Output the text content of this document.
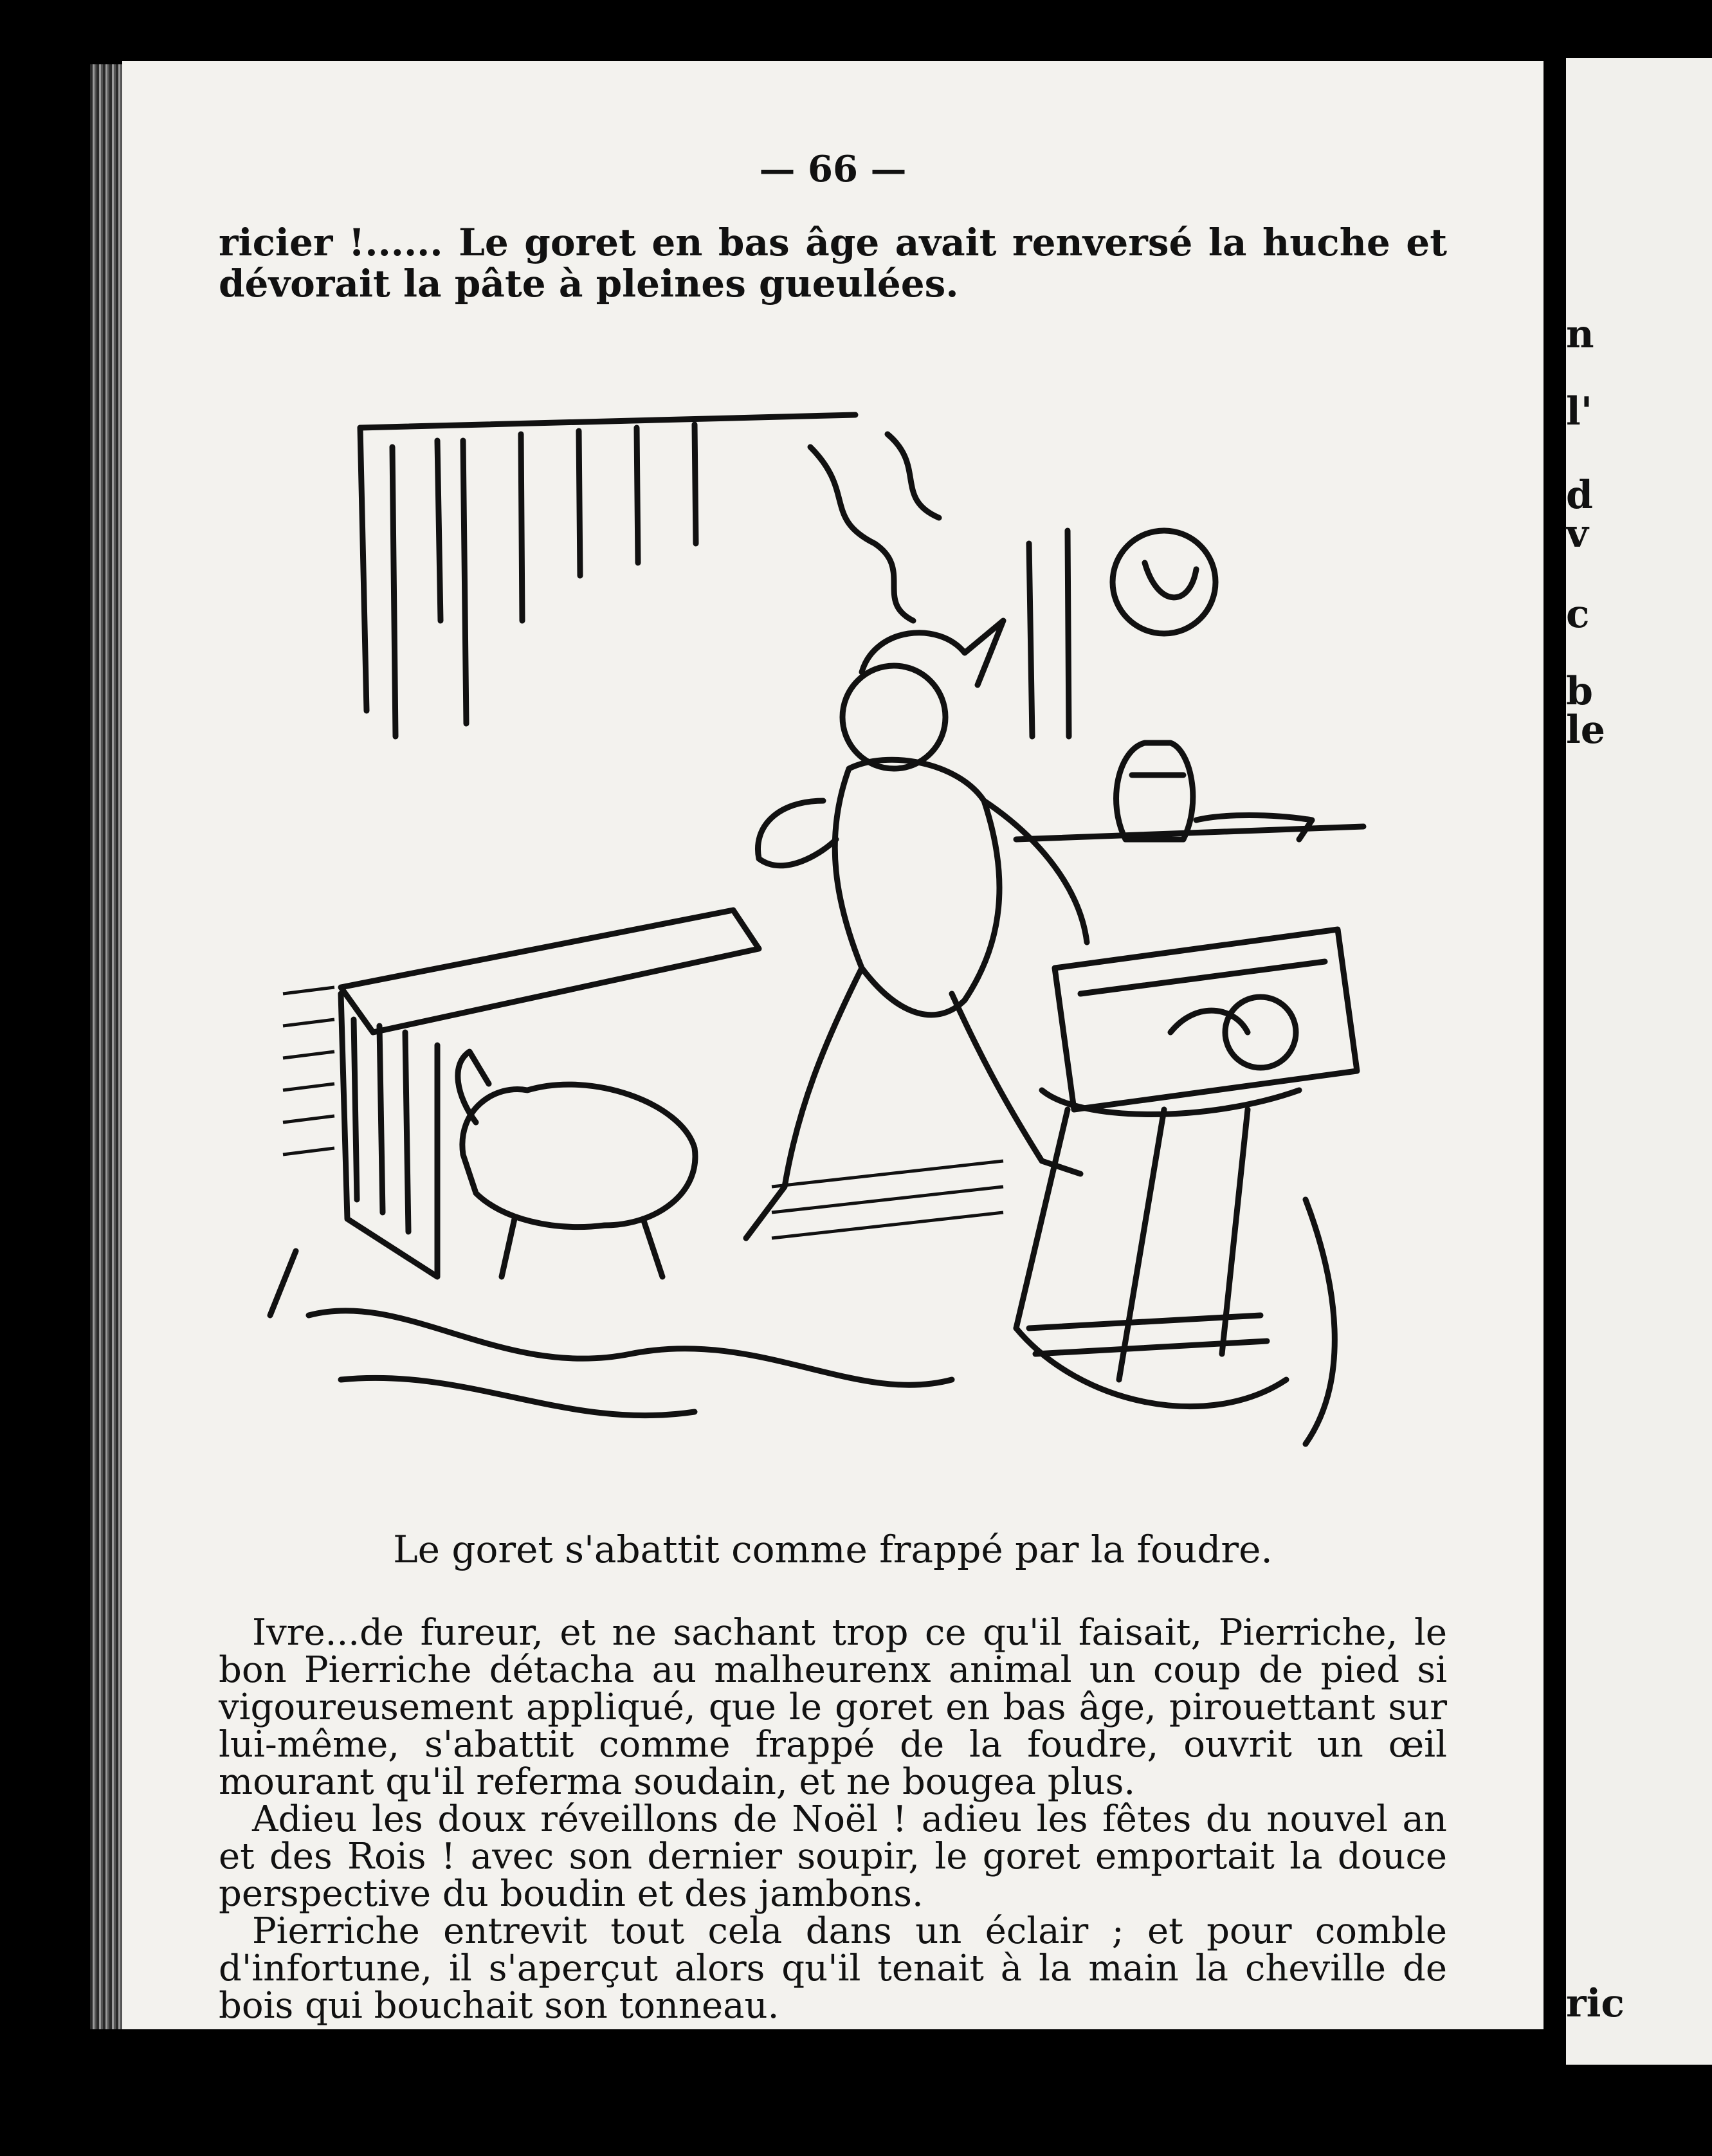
— 66 —
ricier !...... Le goret en bas âge avait renversé la huche et dévorait la pâte à pleines gueulées.
Le goret s'abattit comme frappé par la foudre.

Ivre...de fureur, et ne sachant trop ce qu'il faisait, Pierriche, le bon Pierriche détacha au malheurenx animal un coup de pied si vigoureusement appliqué, que le goret en bas âge, pirouettant sur lui-même, s'abattit comme frappé de la foudre, ouvrit un œil mourant qu'il referma soudain, et ne bougea plus.

Adieu les doux réveillons de Noël ! adieu les fêtes du nouvel an et des Rois ! avec son dernier soupir, le goret emportait la douce perspective du boudin et des jambons.

Pierriche entrevit tout cela dans un éclair ; et pour comble d'infortune, il s'aperçut alors qu'il tenait à la main la cheville de bois qui bouchait son tonneau.

n
l'
d
v
c
b
le
ric
